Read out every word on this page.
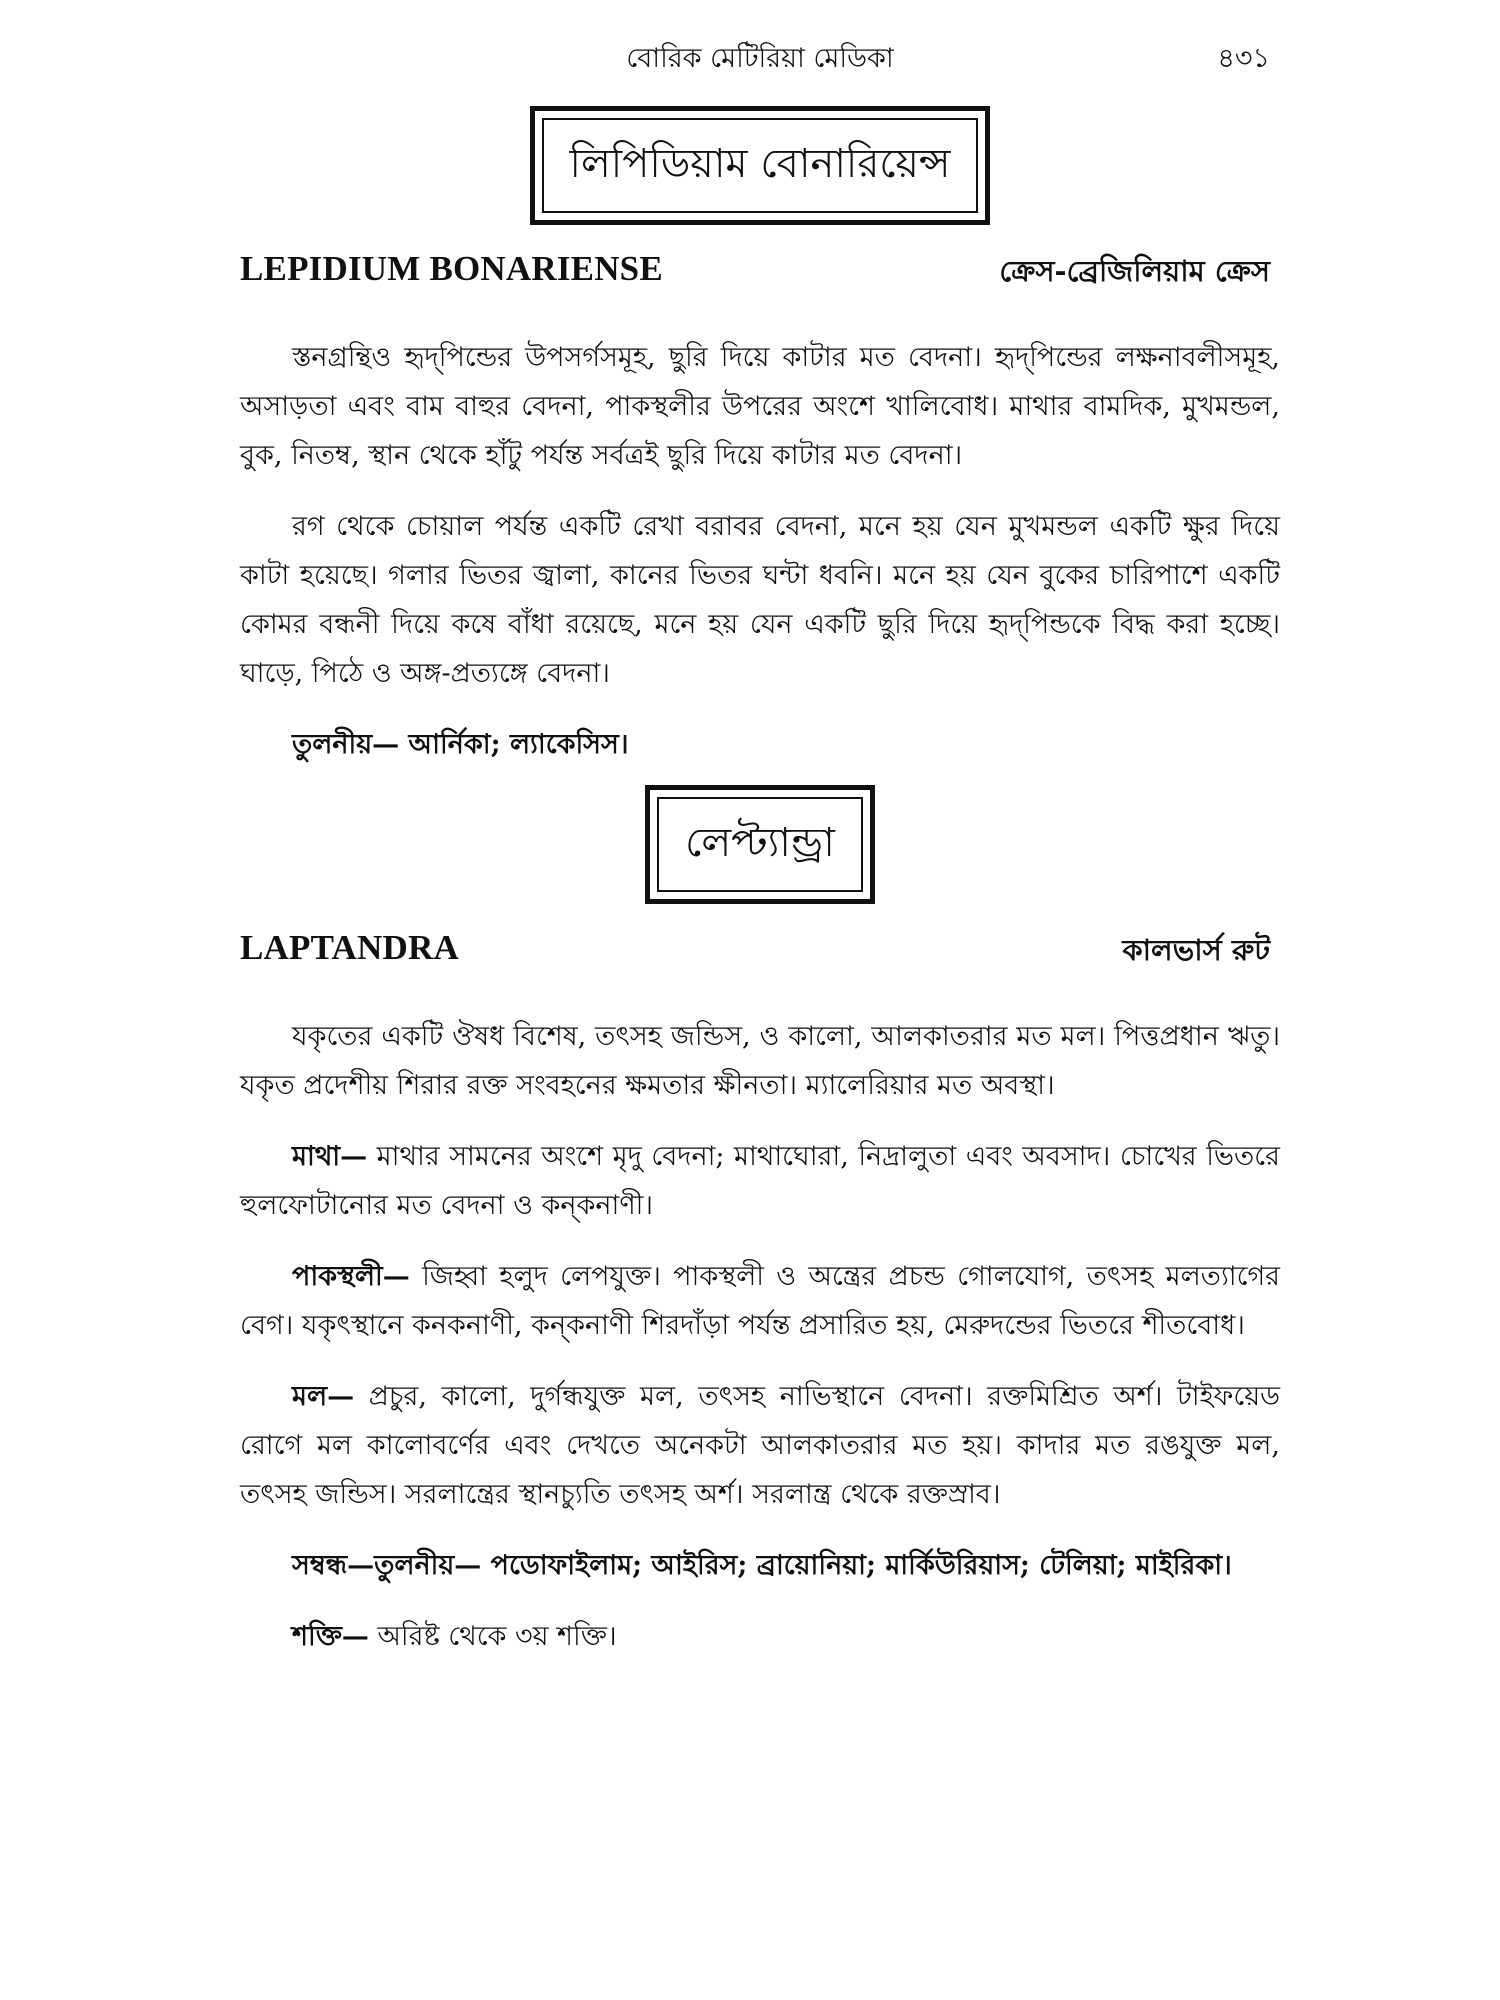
বোরিক মেটিরিয়া মেডিকা	৪৩১
লিপিডিয়াম বোনারিয়েন্স
LEPIDIUM BONARIENSE	ক্রেস-ব্রেজিলিয়াম ক্রেস

স্তনগ্রন্থিও হৃদ্‌পিন্ডের উপসর্গসমূহ, ছুরি দিয়ে কাটার মত বেদনা। হৃদ্‌পিন্ডের লক্ষনাবলীসমূহ, অসাড়তা এবং বাম বাহুর বেদনা, পাকস্থলীর উপরের অংশে খালিবোধ। মাথার বামদিক, মুখমন্ডল, বুক, নিতম্ব, স্থান থেকে হাঁটু পর্যন্ত সর্বত্রই ছুরি দিয়ে কাটার মত বেদনা।

রগ থেকে চোয়াল পর্যন্ত একটি রেখা বরাবর বেদনা, মনে হয় যেন মুখমন্ডল একটি ক্ষুর দিয়ে কাটা হয়েছে। গলার ভিতর জ্বালা, কানের ভিতর ঘন্টা ধবনি। মনে হয় যেন বুকের চারিপাশে একটি কোমর বন্ধনী দিয়ে কষে বাঁধা রয়েছে, মনে হয় যেন একটি ছুরি দিয়ে হৃদ্‌পিন্ডকে বিদ্ধ করা হচ্ছে। ঘাড়ে, পিঠে ও অঙ্গ-প্রত্যঙ্গে বেদনা।

তুলনীয়— আর্নিকা; ল্যাকেসিস।

লেপ্ট্যান্ড্রা
LAPTANDRA	কালভার্স রুট

যকৃতের একটি ঔষধ বিশেষ, তৎসহ জন্ডিস, ও কালো, আলকাতরার মত মল। পিত্তপ্রধান ঋতু। যকৃত প্রদেশীয় শিরার রক্ত সংবহনের ক্ষমতার ক্ষীনতা। ম্যালেরিয়ার মত অবস্থা।

মাথা— মাথার সামনের অংশে মৃদু বেদনা; মাথাঘোরা, নিদ্রালুতা এবং অবসাদ। চোখের ভিতরে হুলফোটানোর মত বেদনা ও কন্‌কনাণী।

পাকস্থলী— জিহ্বা হলুদ লেপযুক্ত। পাকস্থলী ও অন্ত্রের প্রচন্ড গোলযোগ, তৎসহ মলত্যাগের বেগ। যকৃৎস্থানে কনকনাণী, কন্‌কনাণী শিরদাঁড়া পর্যন্ত প্রসারিত হয়, মেরুদন্ডের ভিতরে শীতবোধ।

মল— প্রচুর, কালো, দুর্গন্ধযুক্ত মল, তৎসহ নাভিস্থানে বেদনা। রক্তমিশ্রিত অর্শ। টাইফয়েড রোগে মল কালোবর্ণের এবং দেখতে অনেকটা আলকাতরার মত হয়। কাদার মত রঙযুক্ত মল, তৎসহ জন্ডিস। সরলান্ত্রের স্থানচ্যুতি তৎসহ অর্শ। সরলান্ত্র থেকে রক্তস্রাব।

সম্বন্ধ—তুলনীয়— পডোফাইলাম; আইরিস; ব্রায়োনিয়া; মার্কিউরিয়াস; টেলিয়া; মাইরিকা।

শক্তি— অরিষ্ট থেকে ৩য় শক্তি।
